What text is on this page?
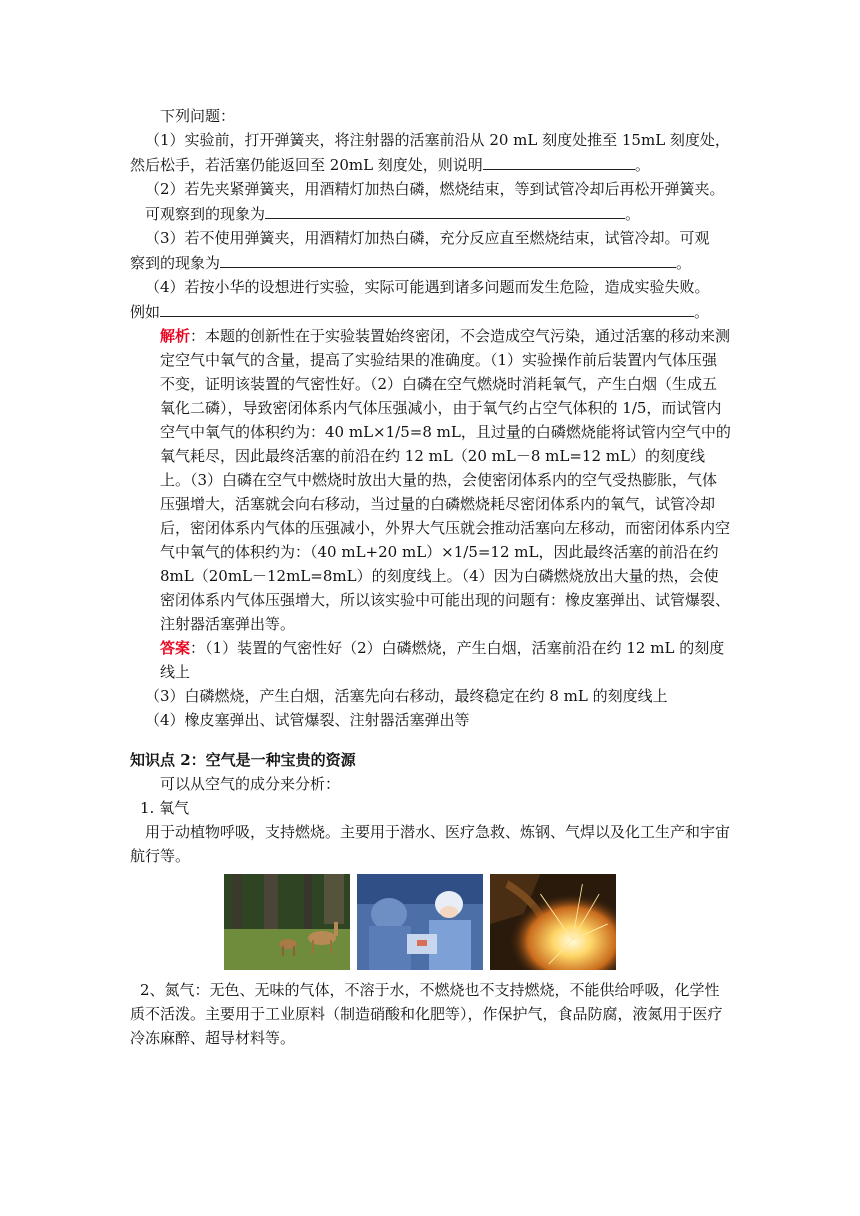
下列问题：

（1）实验前，打开弹簧夹，将注射器的活塞前沿从 20 mL 刻度处推至 15mL 刻度处，

然后松手，若活塞仍能返回至 20mL 刻度处，则说明	。

（2）若先夹紧弹簧夹，用酒精灯加热白磷，燃烧结束，等到试管冷却后再松开弹簧夹。

可观察到的现象为	。

（3）若不使用弹簧夹，用酒精灯加热白磷，充分反应直至燃烧结束，试管冷却。可观

察到的现象为	。

（4）若按小华的设想进行实验，实际可能遇到诸多问题而发生危险，造成实验失败。

例如	。

解析：本题的创新性在于实验装置始终密闭，不会造成空气污染，通过活塞的移动来测定空气中氧气的含量，提高了实验结果的准确度。（1）实验操作前后装置内气体压强不变，证明该装置的气密性好。（2）白磷在空气燃烧时消耗氧气，产生白烟（生成五氧化二磷），导致密闭体系内气体压强减小，由于氧气约占空气体积的 1/5，而试管内空气中氧气的体积约为：40 mL×1/5=8 mL，且过量的白磷燃烧能将试管内空气中的氧气耗尽，因此最终活塞的前沿在约 12 mL（20 mL－8 mL=12 mL）的刻度线上。（3）白磷在空气中燃烧时放出大量的热，会使密闭体系内的空气受热膨胀，气体压强增大，活塞就会向右移动，当过量的白磷燃烧耗尽密闭体系内的氧气，试管冷却后，密闭体系内气体的压强减小，外界大气压就会推动活塞向左移动，而密闭体系内空气中氧气的体积约为：（40 mL+20 mL）×1/5=12 mL，因此最终活塞的前沿在约 8mL（20mL－12mL=8mL）的刻度线上。（4）因为白磷燃烧放出大量的热，会使密闭体系内气体压强增大，所以该实验中可能出现的问题有：橡皮塞弹出、试管爆裂、注射器活塞弹出等。

答案：（1）装置的气密性好（2）白磷燃烧，产生白烟，活塞前沿在约 12 mL 的刻度线上

（3）白磷燃烧，产生白烟，活塞先向右移动，最终稳定在约 8 mL 的刻度线上

（4）橡皮塞弹出、试管爆裂、注射器活塞弹出等

知识点 2：空气是一种宝贵的资源

可以从空气的成分来分析：

1. 氧气

用于动植物呼吸，支持燃烧。主要用于潜水、医疗急救、炼钢、气焊以及化工生产和宇宙航行等。

2、氮气：无色、无味的气体，不溶于水，不燃烧也不支持燃烧，不能供给呼吸，化学性质不活泼。主要用于工业原料（制造硝酸和化肥等），作保护气，食品防腐，液氮用于医疗冷冻麻醉、超导材料等。
